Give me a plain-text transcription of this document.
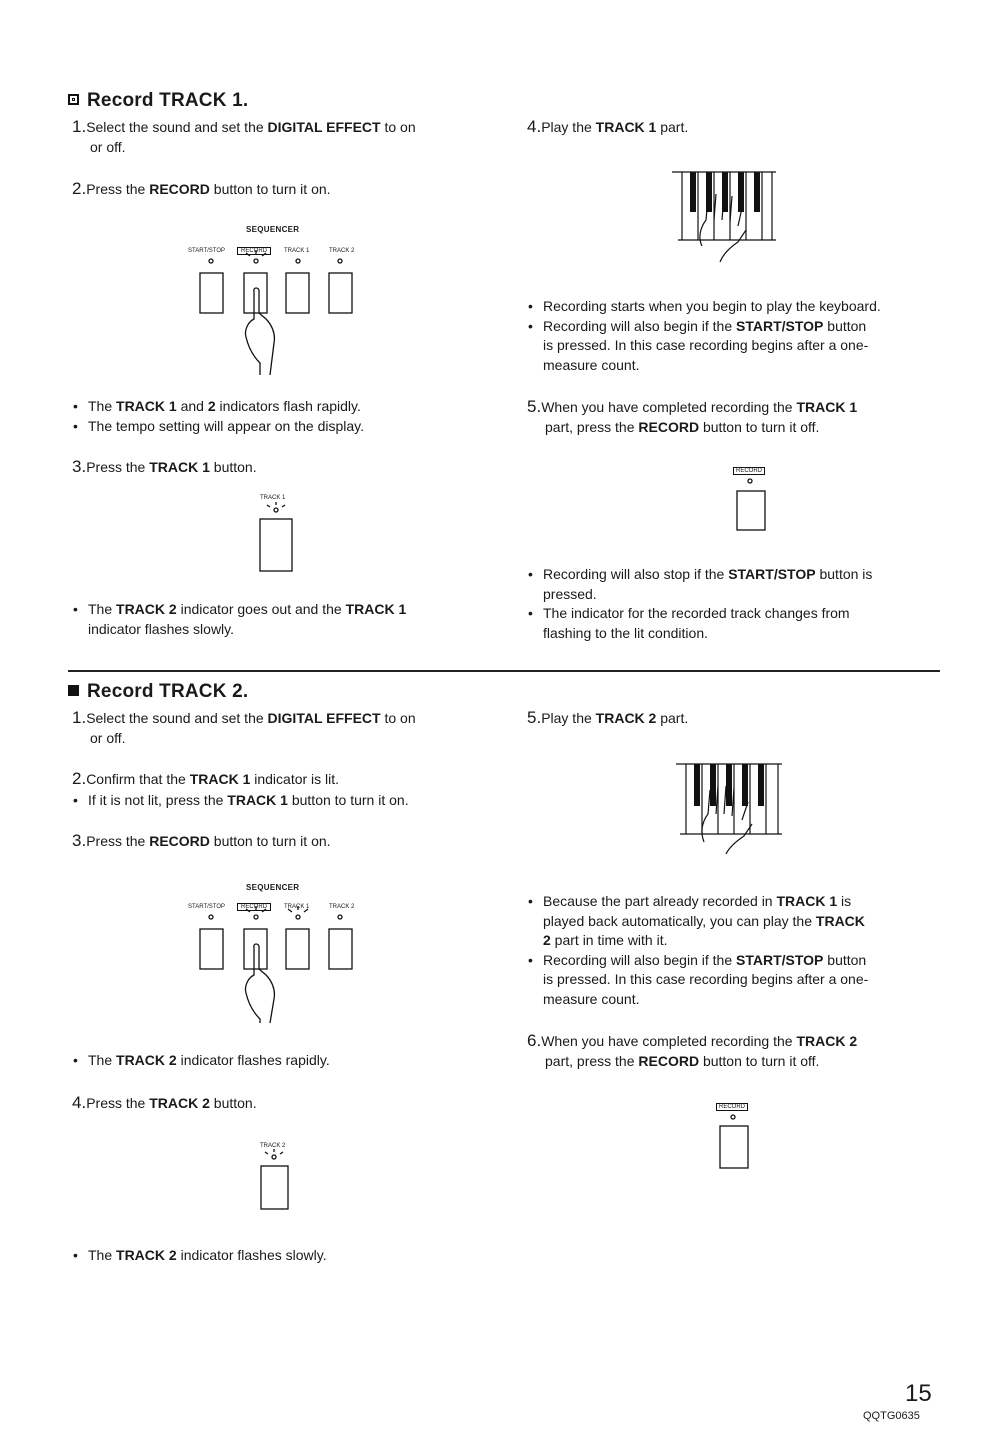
Record TRACK 1.

1.Select the sound and set the DIGITAL EFFECT to on

or off.

2.Press the RECORD button to turn it on.

SEQUENCER
START/STOP	RECORD	TRACK 1	TRACK 2

• The TRACK 1 and 2 indicators flash rapidly.

• The tempo setting will appear on the display.

3.Press the TRACK 1 button.

TRACK 1

• The TRACK 2 indicator goes out and the TRACK 1
indicator flashes slowly.

4.Play the TRACK 1 part.

• Recording starts when you begin to play the keyboard.

• Recording will also begin if the START/STOP button
is pressed. In this case recording begins after a one-
measure count.

5.When you have completed recording the TRACK 1

part, press the RECORD button to turn it off.

RECORD

• Recording will also stop if the START/STOP button is
pressed.

• The indicator for the recorded track changes from
flashing to the lit condition.

Record TRACK 2.

1.Select the sound and set the DIGITAL EFFECT to on

or off.

2.Confirm that the TRACK 1 indicator is lit.

• If it is not lit, press the TRACK 1 button to turn it on.

3.Press the RECORD button to turn it on.

SEQUENCER
START/STOP	RECORD	TRACK 1	TRACK 2

• The TRACK 2 indicator flashes rapidly.

4.Press the TRACK 2 button.

TRACK 2

• The TRACK 2 indicator flashes slowly.

5.Play the TRACK 2 part.

• Because the part already recorded in TRACK 1 is
played back automatically, you can play the TRACK
2 part in time with it.

• Recording will also begin if the START/STOP button
is pressed. In this case recording begins after a one-
measure count.

6.When you have completed recording the TRACK 2

part, press the RECORD button to turn it off.

RECORD
15
QQTG0635
